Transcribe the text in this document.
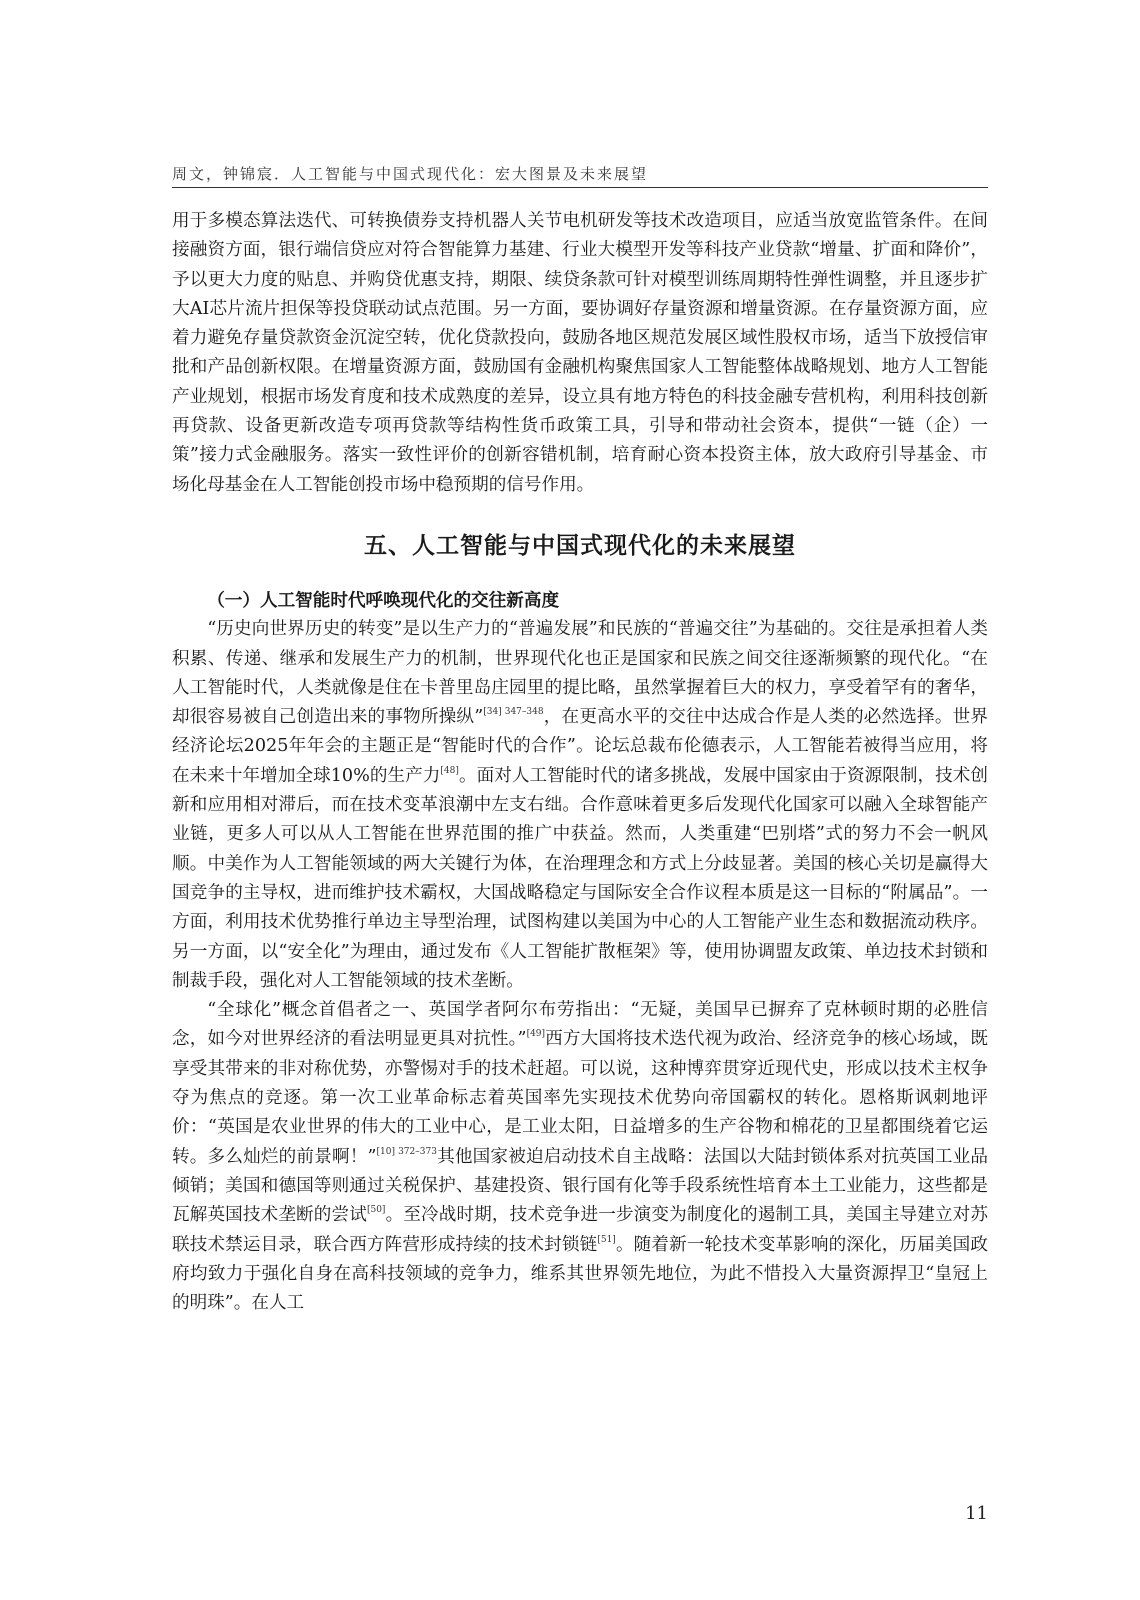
周文，钟锦宸．人工智能与中国式现代化：宏大图景及未来展望

用于多模态算法迭代、可转换债券支持机器人关节电机研发等技术改造项目，应适当放宽监管条件。在间接融资方面，银行端信贷应对符合智能算力基建、行业大模型开发等科技产业贷款“增量、扩面和降价”，予以更大力度的贴息、并购贷优惠支持，期限、续贷条款可针对模型训练周期特性弹性调整，并且逐步扩大AI芯片流片担保等投贷联动试点范围。另一方面，要协调好存量资源和增量资源。在存量资源方面，应着力避免存量贷款资金沉淀空转，优化贷款投向，鼓励各地区规范发展区域性股权市场，适当下放授信审批和产品创新权限。在增量资源方面，鼓励国有金融机构聚焦国家人工智能整体战略规划、地方人工智能产业规划，根据市场发育度和技术成熟度的差异，设立具有地方特色的科技金融专营机构，利用科技创新再贷款、设备更新改造专项再贷款等结构性货币政策工具，引导和带动社会资本，提供“一链（企）一策”接力式金融服务。落实一致性评价的创新容错机制，培育耐心资本投资主体，放大政府引导基金、市场化母基金在人工智能创投市场中稳预期的信号作用。

五、人工智能与中国式现代化的未来展望

（一）人工智能时代呼唤现代化的交往新高度

“历史向世界历史的转变”是以生产力的“普遍发展”和民族的“普遍交往”为基础的。交往是承担着人类积累、传递、继承和发展生产力的机制，世界现代化也正是国家和民族之间交往逐渐频繁的现代化。“在人工智能时代，人类就像是住在卡普里岛庄园里的提比略，虽然掌握着巨大的权力，享受着罕有的奢华，却很容易被自己创造出来的事物所操纵”$^{[34] 347-348}$，在更高水平的交往中达成合作是人类的必然选择。世界经济论坛2025年年会的主题正是“智能时代的合作”。论坛总裁布伦德表示，人工智能若被得当应用，将在未来十年增加全球10%的生产力[48]。面对人工智能时代的诸多挑战，发展中国家由于资源限制，技术创新和应用相对滞后，而在技术变革浪潮中左支右绌。合作意味着更多后发现代化国家可以融入全球智能产业链，更多人可以从人工智能在世界范围的推广中获益。然而，人类重建“巴别塔”式的努力不会一帆风顺。中美作为人工智能领域的两大关键行为体，在治理理念和方式上分歧显著。美国的核心关切是赢得大国竞争的主导权，进而维护技术霸权，大国战略稳定与国际安全合作议程本质是这一目标的“附属品”。一方面，利用技术优势推行单边主导型治理，试图构建以美国为中心的人工智能产业生态和数据流动秩序。另一方面，以“安全化”为理由，通过发布《人工智能扩散框架》等，使用协调盟友政策、单边技术封锁和制裁手段，强化对人工智能领域的技术垄断。

“全球化”概念首倡者之一、英国学者阿尔布劳指出：“无疑，美国早已摒弃了克林顿时期的必胜信念，如今对世界经济的看法明显更具对抗性。”[49]西方大国将技术迭代视为政治、经济竞争的核心场域，既享受其带来的非对称优势，亦警惕对手的技术赶超。可以说，这种博弈贯穿近现代史，形成以技术主权争夺为焦点的竞逐。第一次工业革命标志着英国率先实现技术优势向帝国霸权的转化。恩格斯讽刺地评价：“英国是农业世界的伟大的工业中心，是工业太阳，日益增多的生产谷物和棉花的卫星都围绕着它运转。多么灿烂的前景啊！”$^{[10] 372-373}$其他国家被迫启动技术自主战略：法国以大陆封锁体系对抗英国工业品倾销；美国和德国等则通过关税保护、基建投资、银行国有化等手段系统性培育本土工业能力，这些都是瓦解英国技术垄断的尝试[50]。至冷战时期，技术竞争进一步演变为制度化的遏制工具，美国主导建立对苏联技术禁运目录，联合西方阵营形成持续的技术封锁链[51]。随着新一轮技术变革影响的深化，历届美国政府均致力于强化自身在高科技领域的竞争力，维系其世界领先地位，为此不惜投入大量资源捍卫“皇冠上的明珠”。在人工

11
